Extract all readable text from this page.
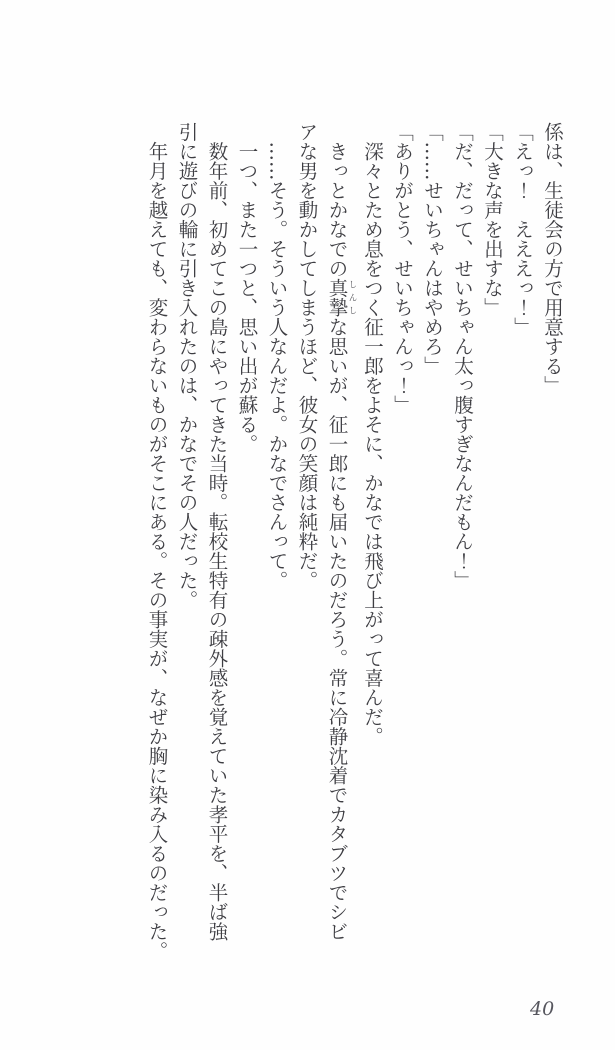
係は、生徒会の方で用意する」

「えっ！　えええっ！」

「大きな声を出すな」

「だ、だって、せいちゃん太っ腹すぎなんだもん！」

「……せいちゃんはやめろ」

「ありがとう、せいちゃんっ！」

　深々とため息をつく征一郎をよそに、かなでは飛び上がって喜んだ。

　きっとかなでの真摯しんしな思いが、征一郎にも届いたのだろう。常に冷静沈着でカタブツでシビ

アな男を動かしてしまうほど、彼女の笑顔は純粋だ。

　……そう。そういう人なんだよ。かなでさんって。

　一つ、また一つと、思い出が蘇る。

　数年前、初めてこの島にやってきた当時。転校生特有の疎外感を覚えていた孝平を、半ば強

引に遊びの輪に引き入れたのは、かなでその人だった。

　年月を越えても、変わらないものがそこにある。その事実が、なぜか胸に染み入るのだった。

40
